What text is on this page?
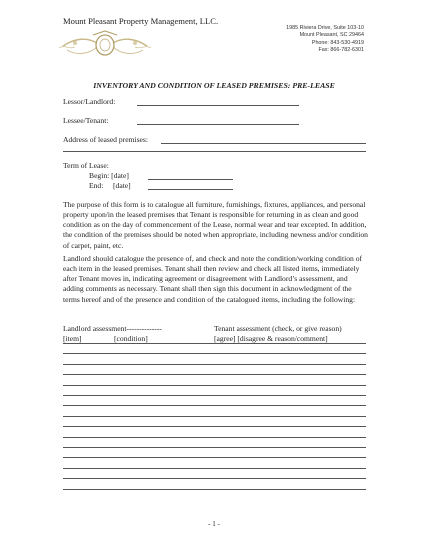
Mount Pleasant Property Management, LLC.
1985 Riviera Drive, Suite 103-10
Mount Pleasant, SC 29464
Phone: 843-530-4919
Fax: 866-782-6301
INVENTORY AND CONDITION OF LEASED PREMISES: PRE-LEASE
Lessor/Landlord:
Lessee/Tenant:
Address of leased premises:
Term of Lease:
Begin: [date]
End: [date]
The purpose of this form is to catalogue all furniture, furnishings, fixtures, appliances, and personal property upon/in the leased premises that Tenant is responsible for returning in as clean and good condition as on the day of commencement of the Lease, normal wear and tear excepted. In addition, the condition of the premises should be noted when appropriate, including newness and/or condition of carpet, paint, etc.
Landlord should catalogue the presence of, and check and note the condition/working condition of each item in the leased premises. Tenant shall then review and check all listed items, immediately after Tenant moves in, indicating agreement or disagreement with Landlord’s assessment, and adding comments as necessary. Tenant shall then sign this document in acknowledgment of the terms hereof and of the presence and condition of the catalogued items, including the following:
Landlord assessment--------------	Tenant assessment (check, or give reason)
[item]	[condition]	[agree] [disagree & reason/comment]
- 1 -
